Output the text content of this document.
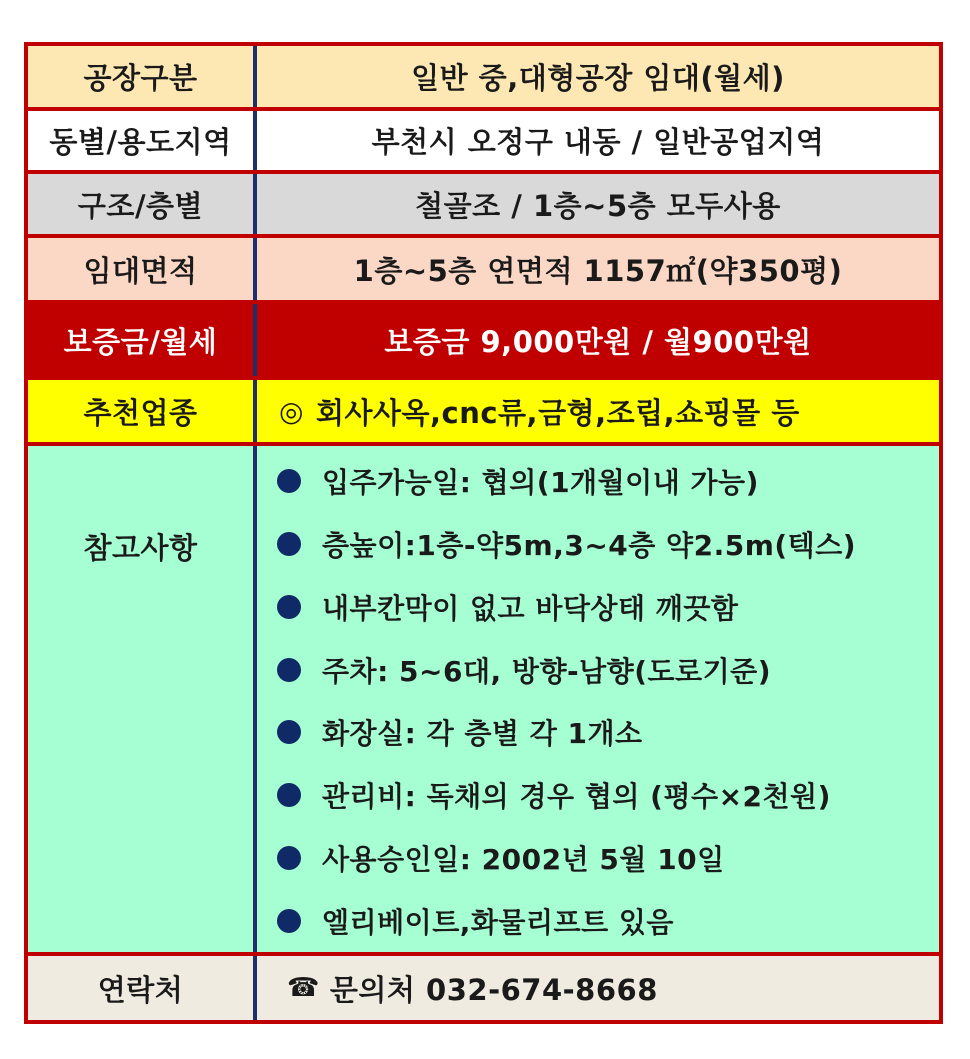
공장구분	일반 중,대형공장 임대(월세)
동별/용도지역	부천시 오정구 내동 / 일반공업지역
구조/층별	철골조 / 1층~5층 모두사용
임대면적	1층~5층 연면적 1157㎡(약350평)
보증금/월세	보증금 9,000만원 / 월900만원
추천업종	◎ 회사사옥,cnc류,금형,조립,쇼핑몰 등
참고사항
입주가능일: 협의(1개월이내 가능)
층높이:1층-약5m,3~4층 약2.5m(텍스)
내부칸막이 없고 바닥상태 깨끗함
주차: 5~6대, 방향-남향(도로기준)
화장실: 각 층별 각 1개소
관리비: 독채의 경우 협의 (평수×2천원)
사용승인일: 2002년 5월 10일
엘리베이트,화물리프트 있음
연락처	☎ 문의처 032-674-8668
